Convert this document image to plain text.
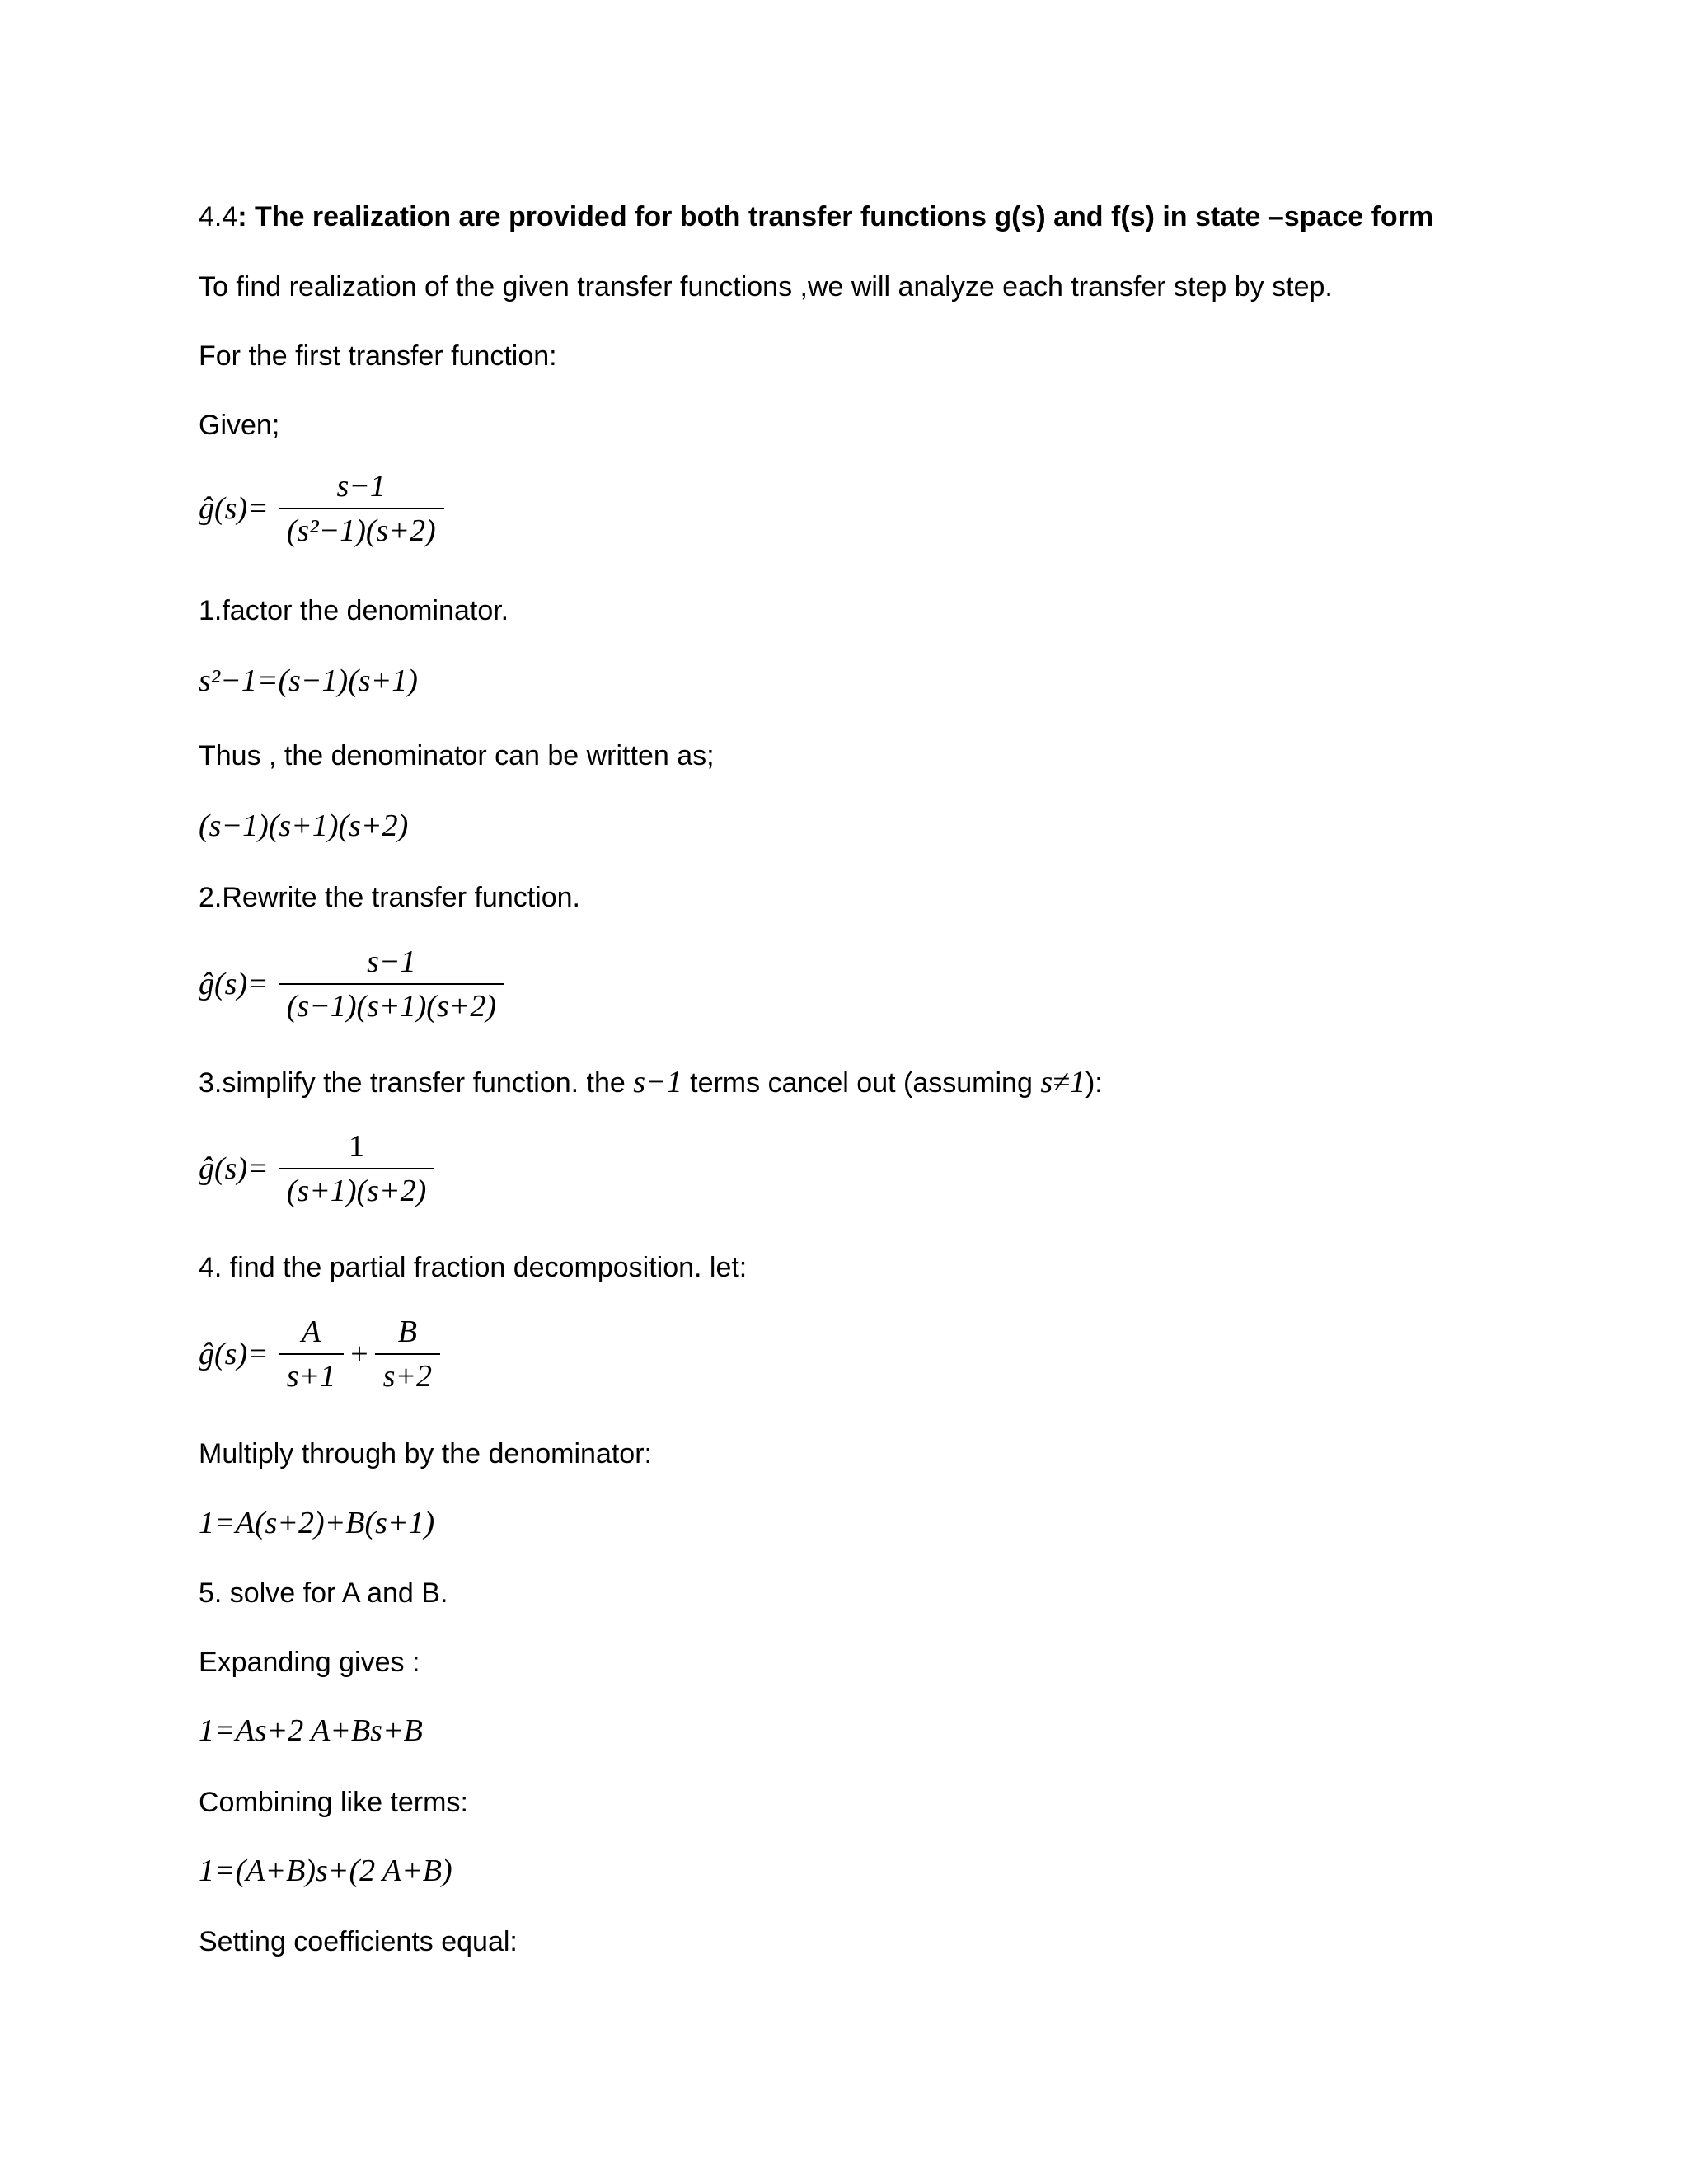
4.4: The realization are provided for both transfer functions g(s) and f(s) in state –space form
To find realization of the given transfer functions ,we will analyze each transfer step by step.
For the first transfer function:
Given;
ĝ(s)= $\frac{s-1}{\text{(s²−1)(s+2)}}$
1.factor the denominator.
s²−1=(s−1)(s+1)
Thus , the denominator can be written as;
(s−1)(s+1)(s+2)
2.Rewrite the transfer function.
ĝ(s)= $\frac{s-1}{(s-1)(s+1)(s+2)}$
3.simplify the transfer function. the s−1 terms cancel out (assuming s≠1):
ĝ(s)= $\frac{1}{(s+1)(s+2)}$
4. find the partial fraction decomposition. let:
ĝ(s)= $\frac{A}{s+1} + \frac{B}{s+2}$
Multiply through by the denominator:
1=A(s+2)+B(s+1)
5. solve for A and B.
Expanding gives :
1=As+2 A+Bs+B
Combining like terms:
1=(A+B)s+(2 A+B)
Setting coefficients equal:
